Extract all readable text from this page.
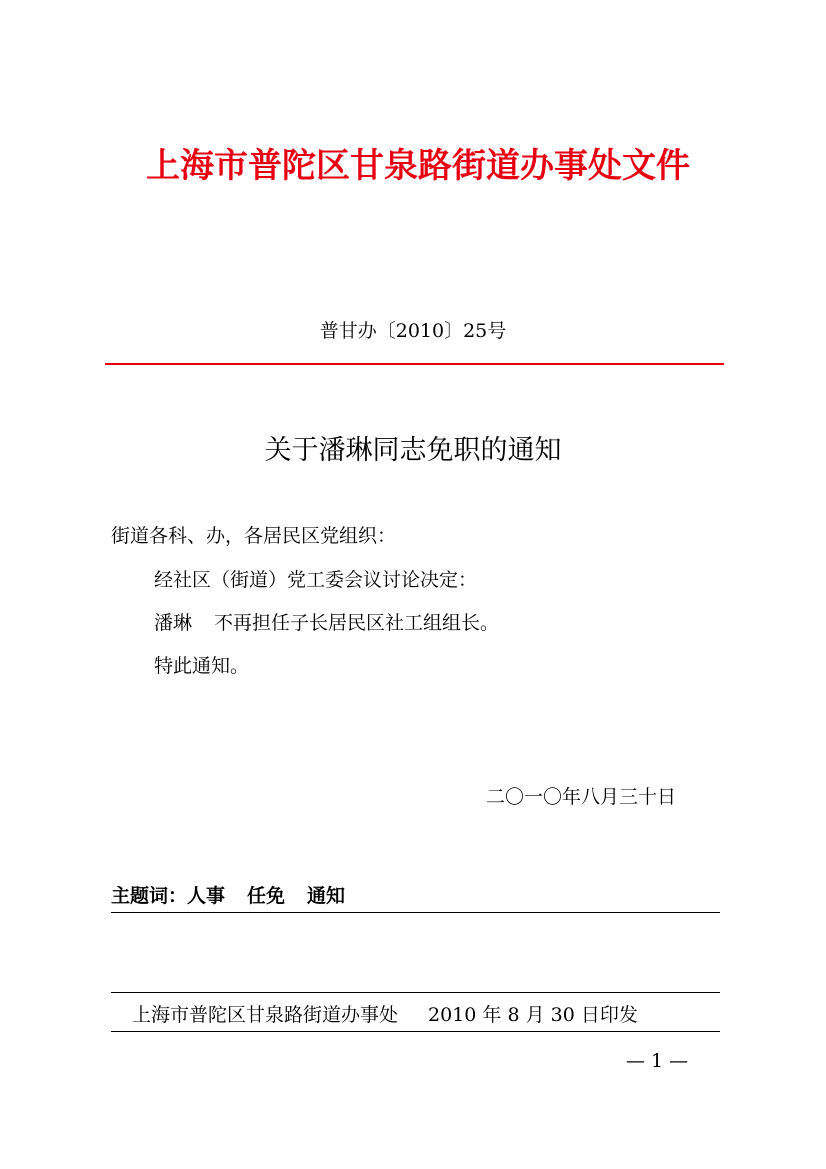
上海市普陀区甘泉路街道办事处文件
普甘办〔2010〕25号
关于潘琳同志免职的通知
街道各科、办，各居民区党组织：
经社区（街道）党工委会议讨论决定：
潘琳 不再担任子长居民区社工组组长。
特此通知。
二〇一〇年八月三十日
主题词：人事 任免 通知
上海市普陀区甘泉路街道办事处 2010 年 8 月 30 日印发
— 1 —
